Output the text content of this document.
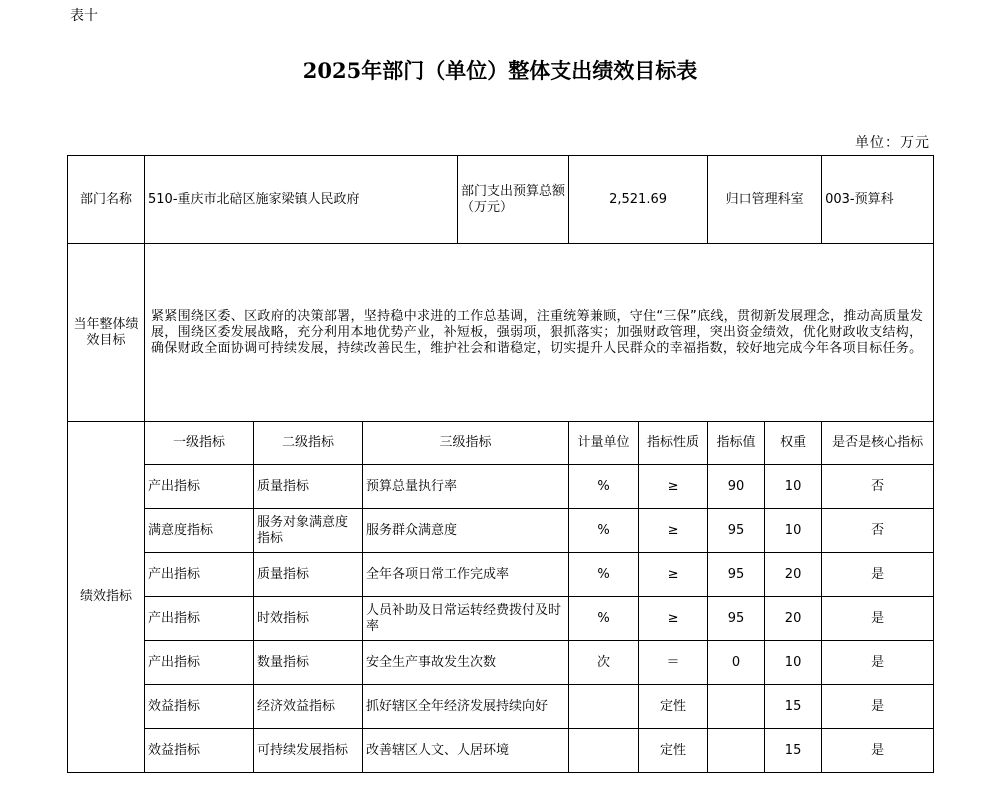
表十
2025年部门（单位）整体支出绩效目标表
单位：万元
部门名称	510-重庆市北碚区施家梁镇人民政府			部门支出预算总额（万元）	2,521.69		归口管理科室		003-预算科
当年整体绩效目标	紧紧围绕区委、区政府的决策部署，坚持稳中求进的工作总基调，注重统筹兼顾，守住“三保”底线，贯彻新发展理念，推动高质量发展，围绕区委发展战略，充分利用本地优势产业，补短板，强弱项，狠抓落实；加强财政管理，突出资金绩效，优化财政收支结构，确保财政全面协调可持续发展，持续改善民生，维护社会和谐稳定，切实提升人民群众的幸福指数，较好地完成今年各项目标任务。								
绩效指标	一级指标	二级指标	三级指标		计量单位	指标性质	指标值	权重	是否是核心指标
	产出指标	质量指标	预算总量执行率		%	≥	90	10	否
	满意度指标	服务对象满意度指标	服务群众满意度		%	≥	95	10	否
	产出指标	质量指标	全年各项日常工作完成率		%	≥	95	20	是
	产出指标	时效指标	人员补助及日常运转经费拨付及时率		%	≥	95	20	是
	产出指标	数量指标	安全生产事故发生次数		次	＝	0	10	是
	效益指标	经济效益指标	抓好辖区全年经济发展持续向好			定性		15	是
	效益指标	可持续发展指标	改善辖区人文、人居环境			定性		15	是
